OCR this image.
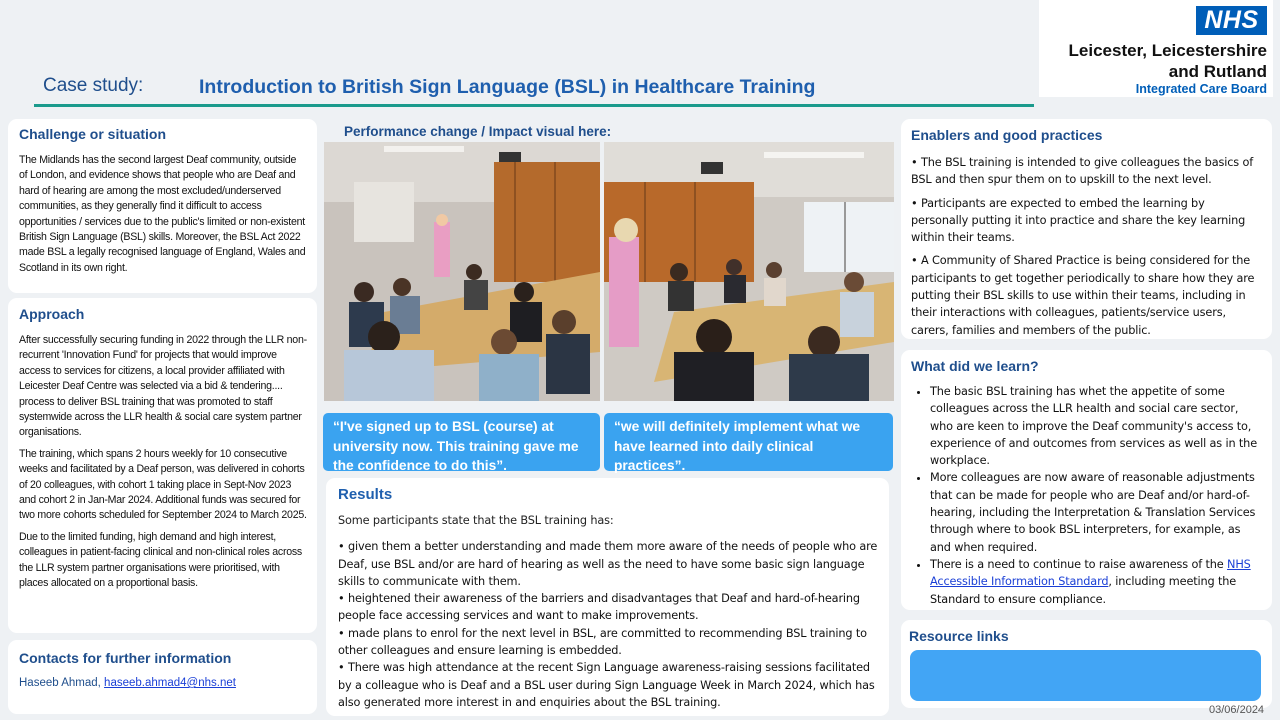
Case study:	Introduction to British Sign Language (BSL) in Healthcare Training
NHS
Leicester, Leicestershire
and Rutland
Integrated Care Board
Challenge or situation

The Midlands has the second largest Deaf community, outside of London, and evidence shows that people who are Deaf and hard of hearing are among the most excluded/underserved communities, as they generally find it difficult to access opportunities / services due to the public's limited or non-existent British Sign Language (BSL) skills. Moreover, the BSL Act 2022 made BSL a legally recognised language of England, Wales and Scotland in its own right.

Approach

After successfully securing funding in 2022 through the LLR non-recurrent 'Innovation Fund' for projects that would improve access to services for citizens, a local provider affiliated with Leicester Deaf Centre was selected via a bid & tendering.... process to deliver BSL training that was promoted to staff systemwide across the LLR health & social care system partner organisations.

The training, which spans 2 hours weekly for 10 consecutive weeks and facilitated by a Deaf person, was delivered in cohorts of 20 colleagues, with cohort 1 taking place in Sept-Nov 2023 and cohort 2 in Jan-Mar 2024. Additional funds was secured for two more cohorts scheduled for September 2024 to March 2025.

Due to the limited funding, high demand and high interest, colleagues in patient-facing clinical and non-clinical roles across the LLR system partner organisations were prioritised, with places allocated on a proportional basis.

Contacts for further information
Haseeb Ahmad, haseeb.ahmad4@nhs.net
Performance change / Impact visual here:
“I've signed up to BSL (course) at university now. This training gave me the confidence to do this”.
“we will definitely implement what we have learned into daily clinical practices”.
Results

Some participants state that the BSL training has:

• given them a better understanding and made them more aware of the needs of people who are Deaf, use BSL and/or are hard of hearing as well as the need to have some basic sign language skills to communicate with them.

• heightened their awareness of the barriers and disadvantages that Deaf and hard-of-hearing people face accessing services and want to make improvements.

• made plans to enrol for the next level in BSL, are committed to recommending BSL training to other colleagues and ensure learning is embedded.

• There was high attendance at the recent Sign Language awareness-raising sessions facilitated by a colleague who is Deaf and a BSL user during Sign Language Week in March 2024, which has also generated more interest in and enquiries about the BSL training.

Enablers and good practices

• The BSL training is intended to give colleagues the basics of BSL and then spur them on to upskill to the next level.

• Participants are expected to embed the learning by personally putting it into practice and share the key learning within their teams.

• A Community of Shared Practice is being considered for the participants to get together periodically to share how they are putting their BSL skills to use within their teams, including in their interactions with colleagues, patients/service users, carers, families and members of the public.

What did we learn?
• The basic BSL training has whet the appetite of some colleagues across the LLR health and social care sector, who are keen to improve the Deaf community's access to, experience of and outcomes from services as well as in the workplace.
• More colleagues are now aware of reasonable adjustments that can be made for people who are Deaf and/or hard-of-hearing, including the Interpretation & Translation Services through where to book BSL interpreters, for example, as and when required.
• There is a need to continue to raise awareness of the NHS Accessible Information Standard, including meeting the Standard to ensure compliance.
Resource links
03/06/2024
